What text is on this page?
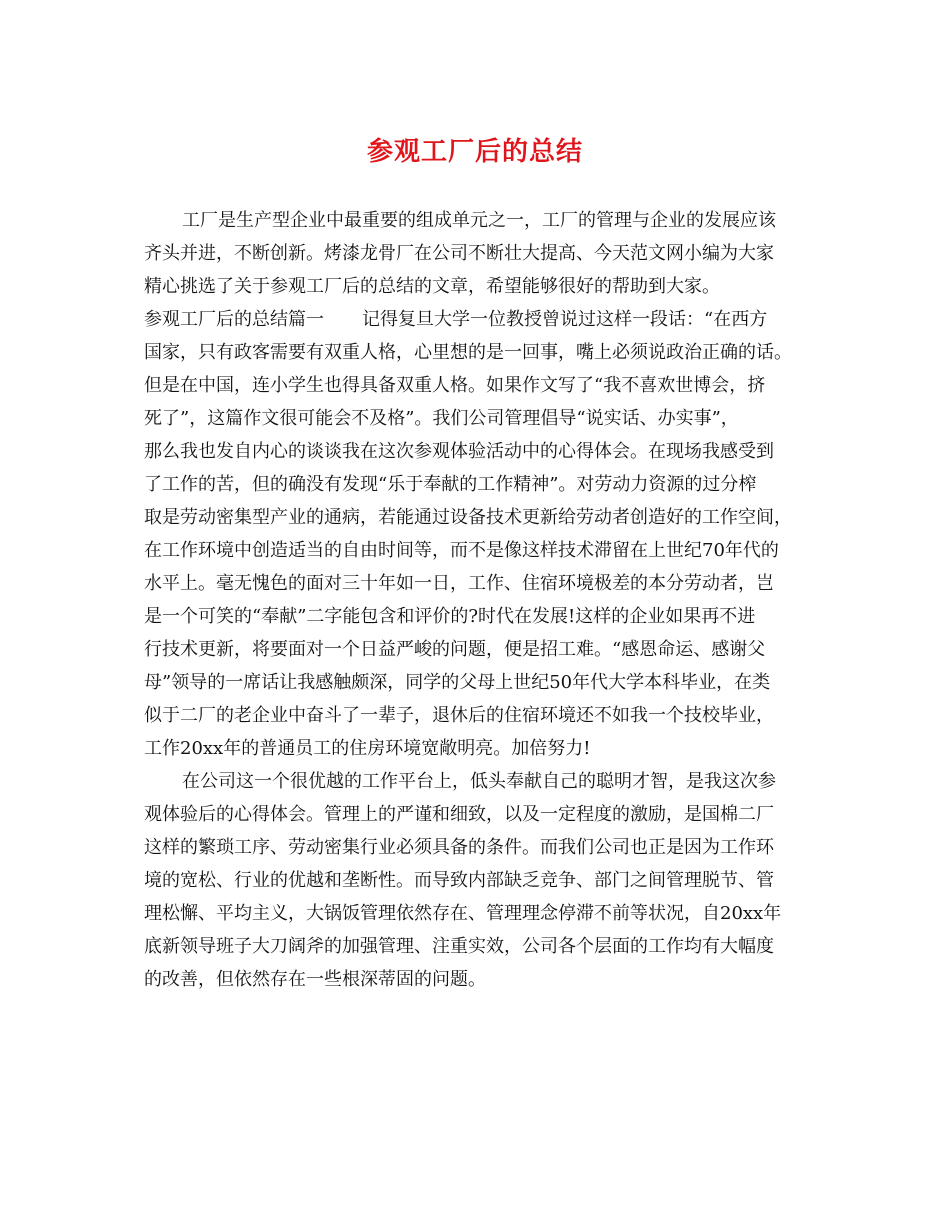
参观工厂后的总结
工厂是生产型企业中最重要的组成单元之一，工厂的管理与企业的发展应该
齐头并进，不断创新。烤漆龙骨厂在公司不断壮大提高、今天范文网小编为大家
精心挑选了关于参观工厂后的总结的文章，希望能够很好的帮助到大家。
参观工厂后的总结篇一 记得复旦大学一位教授曾说过这样一段话：“在西方
国家，只有政客需要有双重人格，心里想的是一回事，嘴上必须说政治正确的话。
但是在中国，连小学生也得具备双重人格。如果作文写了“我不喜欢世博会，挤
死了”，这篇作文很可能会不及格”。我们公司管理倡导“说实话、办实事”，
那么我也发自内心的谈谈我在这次参观体验活动中的心得体会。在现场我感受到
了工作的苦，但的确没有发现“乐于奉献的工作精神”。对劳动力资源的过分榨
取是劳动密集型产业的通病，若能通过设备技术更新给劳动者创造好的工作空间，
在工作环境中创造适当的自由时间等，而不是像这样技术滞留在上世纪70年代的
水平上。毫无愧色的面对三十年如一日，工作、住宿环境极差的本分劳动者，岂
是一个可笑的“奉献”二字能包含和评价的?时代在发展!这样的企业如果再不进
行技术更新，将要面对一个日益严峻的问题，便是招工难。“感恩命运、感谢父
母”领导的一席话让我感触颇深，同学的父母上世纪50年代大学本科毕业，在类
似于二厂的老企业中奋斗了一辈子，退休后的住宿环境还不如我一个技校毕业，
工作20xx年的普通员工的住房环境宽敞明亮。加倍努力!
在公司这一个很优越的工作平台上，低头奉献自己的聪明才智，是我这次参
观体验后的心得体会。管理上的严谨和细致，以及一定程度的激励，是国棉二厂
这样的繁琐工序、劳动密集行业必须具备的条件。而我们公司也正是因为工作环
境的宽松、行业的优越和垄断性。而导致内部缺乏竞争、部门之间管理脱节、管
理松懈、平均主义，大锅饭管理依然存在、管理理念停滞不前等状况，自20xx年
底新领导班子大刀阔斧的加强管理、注重实效，公司各个层面的工作均有大幅度
的改善，但依然存在一些根深蒂固的问题。
